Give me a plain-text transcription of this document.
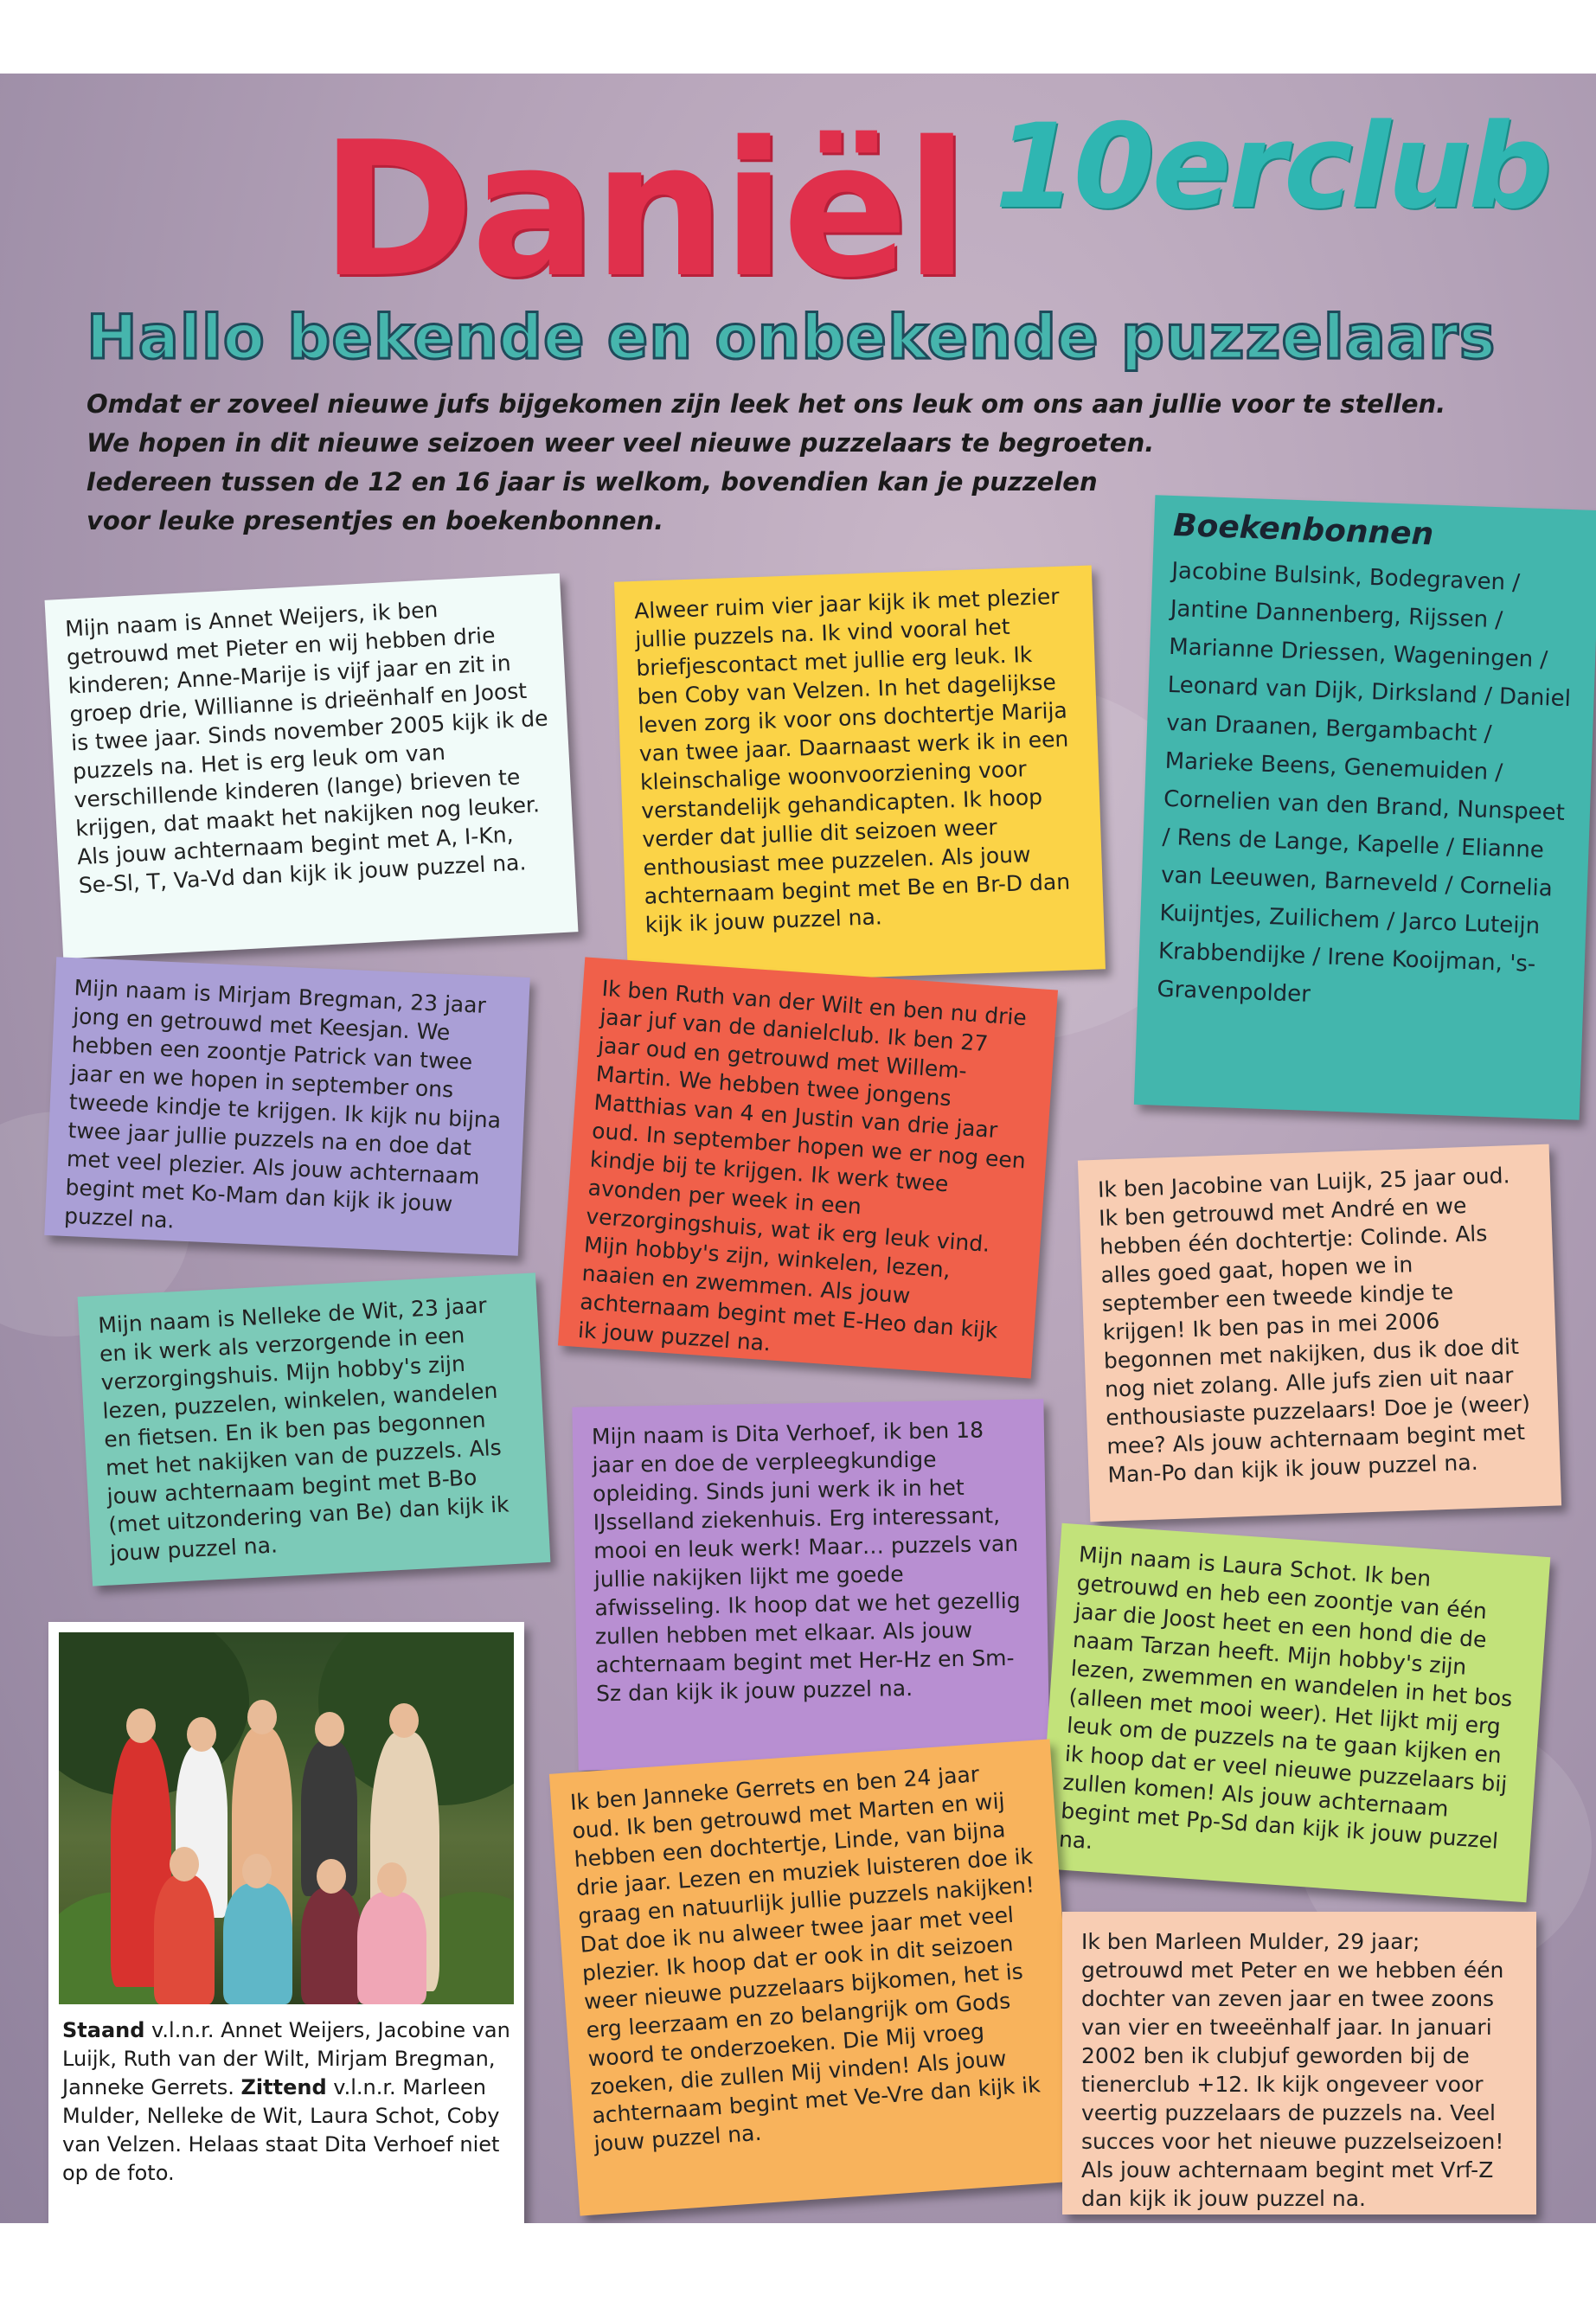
Daniël 10erclub
Hallo bekende en onbekende puzzelaars

Omdat er zoveel nieuwe jufs bijgekomen zijn leek het ons leuk om ons aan jullie voor te stellen.

We hopen in dit nieuwe seizoen weer veel nieuwe puzzelaars te begroeten.

Iedereen tussen de 12 en 16 jaar is welkom, bovendien kan je puzzelen

voor leuke presentjes en boekenbonnen.

Mijn naam is Annet Weijers, ik ben getrouwd met Pieter en wij hebben drie kinderen; Anne-Marije is vijf jaar en zit in groep drie, Willianne is drieënhalf en Joost is twee jaar. Sinds november 2005 kijk ik de puzzels na. Het is erg leuk om van verschillende kinderen (lange) brieven te krijgen, dat maakt het nakijken nog leuker. Als jouw achternaam begint met A, I-Kn, Se-Sl, T, Va-Vd dan kijk ik jouw puzzel na.

Alweer ruim vier jaar kijk ik met plezier jullie puzzels na. Ik vind vooral het briefjescontact met jullie erg leuk. Ik ben Coby van Velzen. In het dagelijkse leven zorg ik voor ons dochtertje Marija van twee jaar. Daarnaast werk ik in een kleinschalige woonvoorziening voor verstandelijk gehandicapten. Ik hoop verder dat jullie dit seizoen weer enthousiast mee puzzelen. Als jouw achternaam begint met Be en Br-D dan kijk ik jouw puzzel na.

Mijn naam is Mirjam Bregman, 23 jaar jong en getrouwd met Keesjan. We hebben een zoontje Patrick van twee jaar en we hopen in september ons tweede kindje te krijgen. Ik kijk nu bijna twee jaar jullie puzzels na en doe dat met veel plezier. Als jouw achternaam begint met Ko-Mam dan kijk ik jouw puzzel na.

Ik ben Ruth van der Wilt en ben nu drie jaar juf van de danielclub. Ik ben 27 jaar oud en getrouwd met Willem-Martin. We hebben twee jongens Matthias van 4 en Justin van drie jaar oud. In september hopen we er nog een kindje bij te krijgen. Ik werk twee avonden per week in een verzorgingshuis, wat ik erg leuk vind. Mijn hobby's zijn, winkelen, lezen, naaien en zwemmen. Als jouw achternaam begint met E-Heo dan kijk ik jouw puzzel na.

Boekenbonnen

Jacobine Bulsink, Bodegraven / Jantine Dannenberg, Rijssen / Marianne Driessen, Wageningen / Leonard van Dijk, Dirksland / Daniel van Draanen, Bergambacht / Marieke Beens, Genemuiden / Cornelien van den Brand, Nunspeet / Rens de Lange, Kapelle / Elianne van Leeuwen, Barneveld / Cornelia Kuijntjes, Zuilichem / Jarco Luteijn Krabbendijke / Irene Kooijman, 's-Gravenpolder

Ik ben Jacobine van Luijk, 25 jaar oud. Ik ben getrouwd met André en we hebben één dochtertje: Colinde. Als alles goed gaat, hopen we in september een tweede kindje te krijgen! Ik ben pas in mei 2006 begonnen met nakijken, dus ik doe dit nog niet zolang. Alle jufs zien uit naar enthousiaste puzzelaars! Doe je (weer) mee? Als jouw achternaam begint met Man-Po dan kijk ik jouw puzzel na.

Mijn naam is Nelleke de Wit, 23 jaar en ik werk als verzorgende in een verzorgingshuis. Mijn hobby's zijn lezen, puzzelen, winkelen, wandelen en fietsen. En ik ben pas begonnen met het nakijken van de puzzels. Als jouw achternaam begint met B-Bo (met uitzondering van Be) dan kijk ik jouw puzzel na.

Mijn naam is Dita Verhoef, ik ben 18 jaar en doe de verpleegkundige opleiding. Sinds juni werk ik in het IJsselland ziekenhuis. Erg interessant, mooi en leuk werk! Maar… puzzels van jullie nakijken lijkt me goede afwisseling. Ik hoop dat we het gezellig zullen hebben met elkaar. Als jouw achternaam begint met Her-Hz en Sm-Sz dan kijk ik jouw puzzel na.

Mijn naam is Laura Schot. Ik ben getrouwd en heb een zoontje van één jaar die Joost heet en een hond die de naam Tarzan heeft. Mijn hobby's zijn lezen, zwemmen en wandelen in het bos (alleen met mooi weer). Het lijkt mij erg leuk om de puzzels na te gaan kijken en ik hoop dat er veel nieuwe puzzelaars bij zullen komen! Als jouw achternaam begint met Pp-Sd dan kijk ik jouw puzzel na.

Ik ben Janneke Gerrets en ben 24 jaar oud. Ik ben getrouwd met Marten en wij hebben een dochtertje, Linde, van bijna drie jaar. Lezen en muziek luisteren doe ik graag en natuurlijk jullie puzzels nakijken! Dat doe ik nu alweer twee jaar met veel plezier. Ik hoop dat er ook in dit seizoen weer nieuwe puzzelaars bijkomen, het is erg leerzaam en zo belangrijk om Gods woord te onderzoeken. Die Mij vroeg zoeken, die zullen Mij vinden! Als jouw achternaam begint met Ve-Vre dan kijk ik jouw puzzel na.

Ik ben Marleen Mulder, 29 jaar; getrouwd met Peter en we hebben één dochter van zeven jaar en twee zoons van vier en tweeënhalf jaar. In januari 2002 ben ik clubjuf geworden bij de tienerclub +12. Ik kijk ongeveer voor veertig puzzelaars de puzzels na. Veel succes voor het nieuwe puzzelseizoen! Als jouw achternaam begint met Vrf-Z dan kijk ik jouw puzzel na.

Staand v.l.n.r. Annet Weijers, Jacobine van Luijk, Ruth van der Wilt, Mirjam Bregman, Janneke Gerrets. Zittend v.l.n.r. Marleen Mulder, Nelleke de Wit, Laura Schot, Coby van Velzen. Helaas staat Dita Verhoef niet op de foto.
